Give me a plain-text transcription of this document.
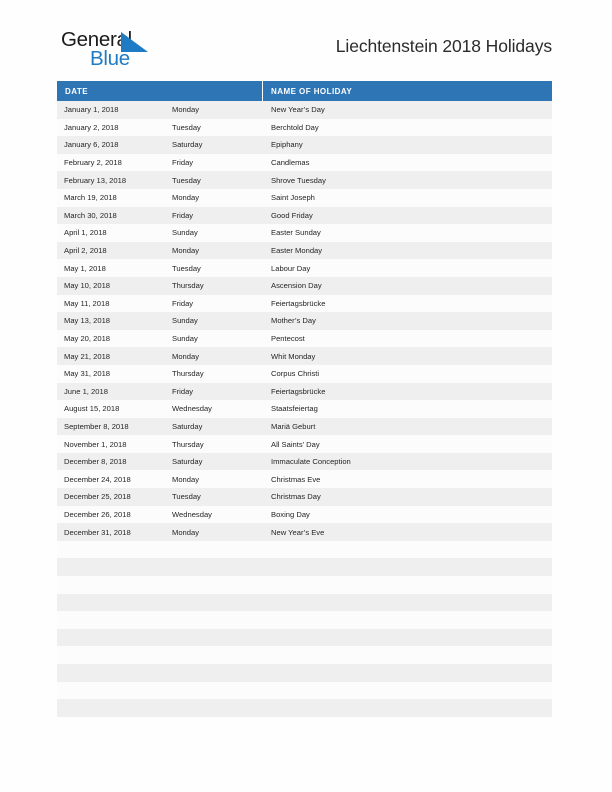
General
Blue
Liechtenstein 2018 Holidays
DATE	NAME OF HOLIDAY
January 1, 2018	Monday	New Year’s Day
January 2, 2018	Tuesday	Berchtold Day
January 6, 2018	Saturday	Epiphany
February 2, 2018	Friday	Candlemas
February 13, 2018	Tuesday	Shrove Tuesday
March 19, 2018	Monday	Saint Joseph
March 30, 2018	Friday	Good Friday
April 1, 2018	Sunday	Easter Sunday
April 2, 2018	Monday	Easter Monday
May 1, 2018	Tuesday	Labour Day
May 10, 2018	Thursday	Ascension Day
May 11, 2018	Friday	Feiertagsbrücke
May 13, 2018	Sunday	Mother’s Day
May 20, 2018	Sunday	Pentecost
May 21, 2018	Monday	Whit Monday
May 31, 2018	Thursday	Corpus Christi
June 1, 2018	Friday	Feiertagsbrücke
August 15, 2018	Wednesday	Staatsfeiertag
September 8, 2018	Saturday	Mariä Geburt
November 1, 2018	Thursday	All Saints’ Day
December 8, 2018	Saturday	Immaculate Conception
December 24, 2018	Monday	Christmas Eve
December 25, 2018	Tuesday	Christmas Day
December 26, 2018	Wednesday	Boxing Day
December 31, 2018	Monday	New Year’s Eve
